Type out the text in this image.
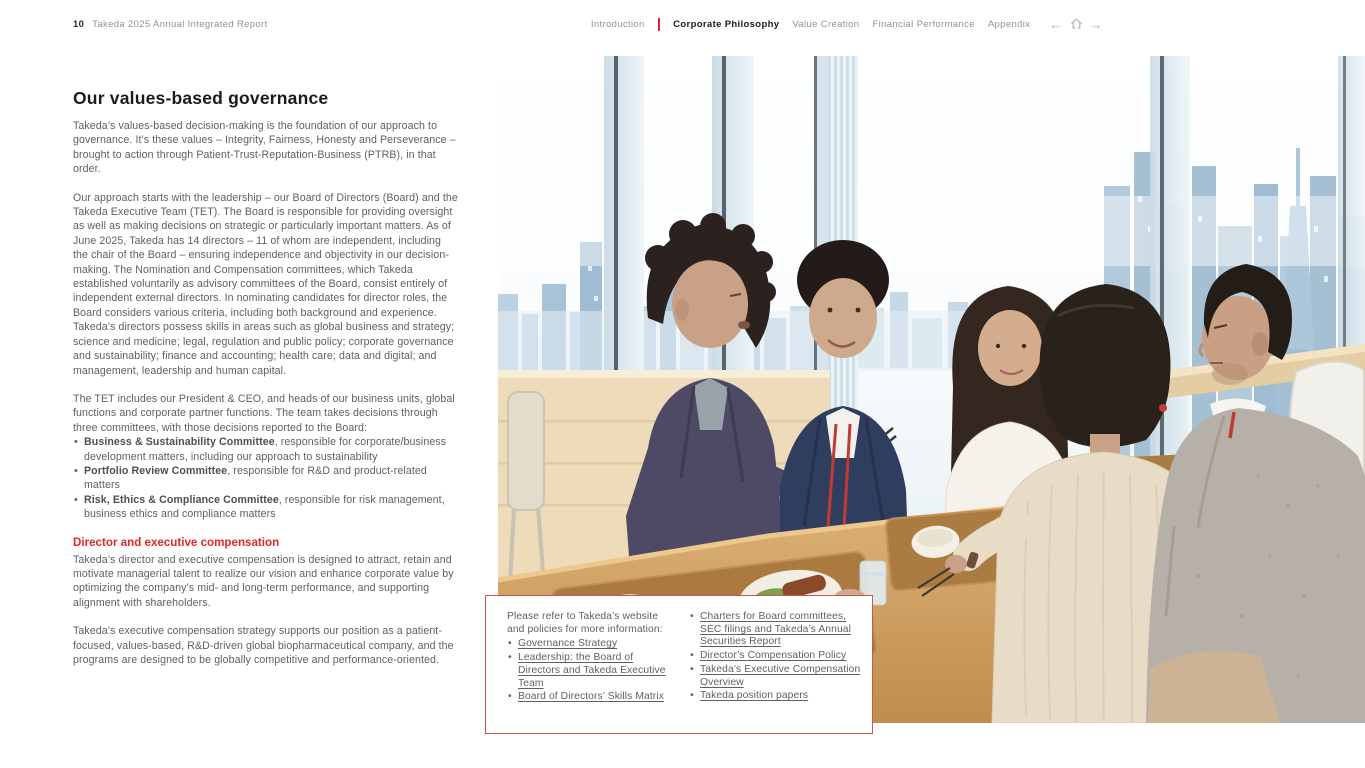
10 Takeda 2025 Annual Integrated Report	Introduction	Corporate Philosophy Value Creation Financial Performance Appendix ← →
Our values-based governance

Takeda’s values-based decision-making is the foundation of our approach to governance. It’s these values – Integrity, Fairness, Honesty and Perseverance – brought to action through Patient-Trust-Reputation-Business (PTRB), in that order.

Our approach starts with the leadership – our Board of Directors (Board) and the Takeda Executive Team (TET). The Board is responsible for providing oversight as well as making decisions on strategic or particularly important matters. As of June 2025, Takeda has 14 directors – 11 of whom are independent, including the chair of the Board – ensuring independence and objectivity in our decision-making. The Nomination and Compensation committees, which Takeda established voluntarily as advisory committees of the Board, consist entirely of independent external directors. In nominating candidates for director roles, the Board considers various criteria, including both background and experience. Takeda’s directors possess skills in areas such as global business and strategy; science and medicine; legal, regulation and public policy; corporate governance and sustainability; finance and accounting; health care; data and digital; and management, leadership and human capital.

The TET includes our President & CEO, and heads of our business units, global functions and corporate partner functions. The team takes decisions through three committees, with those decisions reported to the Board:

• Business & Sustainability Committee, responsible for corporate/business development matters, including our approach to sustainability
• Portfolio Review Committee, responsible for R&D and product-related matters
• Risk, Ethics & Compliance Committee, responsible for risk management, business ethics and compliance matters
Director and executive compensation

Takeda’s director and executive compensation is designed to attract, retain and motivate managerial talent to realize our vision and enhance corporate value by optimizing the company’s mid- and long-term performance, and supporting alignment with shareholders.

Takeda’s executive compensation strategy supports our position as a patient-focused, values-based, R&D-driven global biopharmaceutical company, and the programs are designed to be globally competitive and performance-oriented.

Please refer to Takeda’s website and policies for more information:

• Governance Strategy
• Leadership: the Board of Directors and Takeda Executive Team
• Board of Directors’ Skills Matrix
• Charters for Board committees, SEC filings and Takeda’s Annual Securities Report
• Director’s Compensation Policy
• Takeda’s Executive Compensation Overview
• Takeda position papers
